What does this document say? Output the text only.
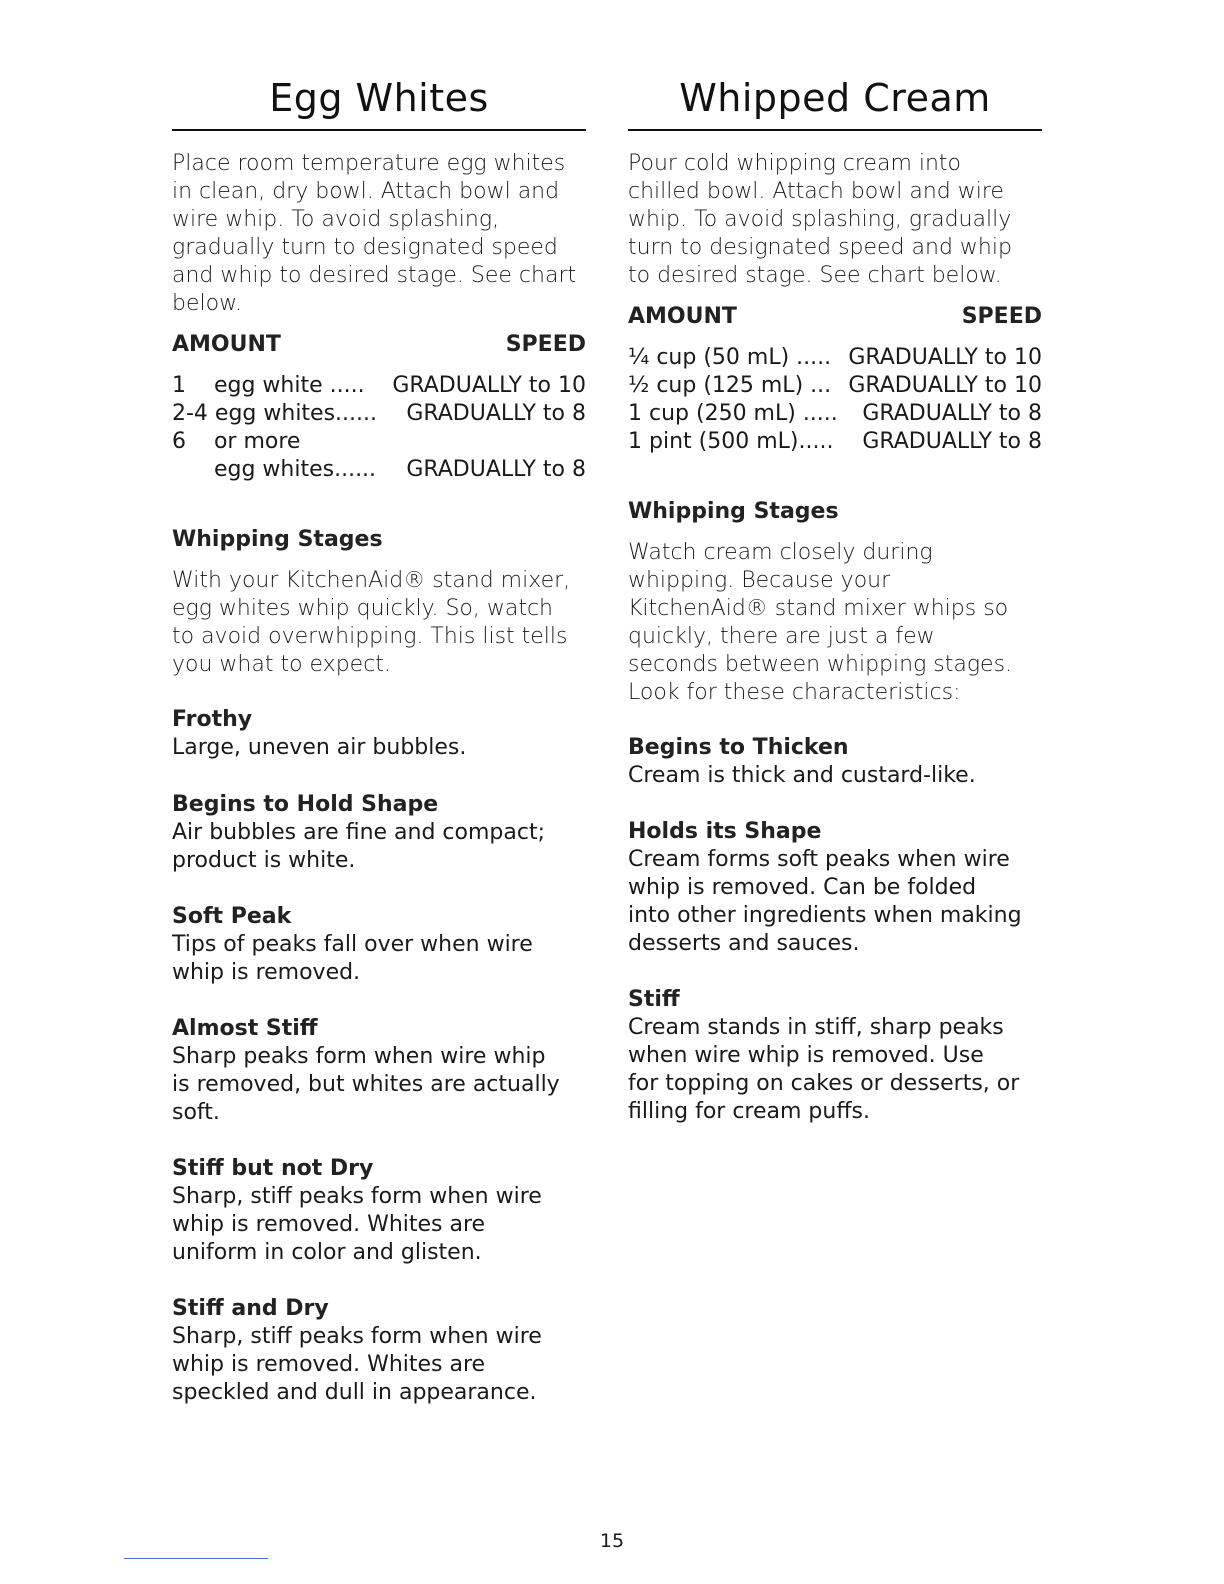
Egg Whites
Place room temperature egg whites
in clean, dry bowl. Attach bowl and
wire whip. To avoid splashing,
gradually turn to designated speed
and whip to desired stage. See chart
below.
AMOUNT	SPEED
1    egg white ..... GRADUALLY to 10
2-4 egg whites...... GRADUALLY to 8
6    or more
egg whites...... GRADUALLY to 8
Whipping Stages
With your KitchenAid® stand mixer,
egg whites whip quickly. So, watch
to avoid overwhipping. This list tells
you what to expect.
Frothy
Large, uneven air bubbles.
Begins to Hold Shape
Air bubbles are fine and compact;
product is white.
Soft Peak
Tips of peaks fall over when wire
whip is removed.
Almost Stiff
Sharp peaks form when wire whip
is removed, but whites are actually
soft.
Stiff but not Dry
Sharp, stiff peaks form when wire
whip is removed. Whites are
uniform in color and glisten.
Stiff and Dry
Sharp, stiff peaks form when wire
whip is removed. Whites are
speckled and dull in appearance.
Whipped Cream
Pour cold whipping cream into
chilled bowl. Attach bowl and wire
whip. To avoid splashing, gradually
turn to designated speed and whip
to desired stage. See chart below.
AMOUNT	SPEED
¼ cup (50 mL) ..... GRADUALLY to 10
½ cup (125 mL) ... GRADUALLY to 10
1 cup (250 mL) ..... GRADUALLY to 8
1 pint (500 mL)..... GRADUALLY to 8
Whipping Stages
Watch cream closely during
whipping. Because your
KitchenAid® stand mixer whips so
quickly, there are just a few
seconds between whipping stages.
Look for these characteristics:
Begins to Thicken
Cream is thick and custard-like.
Holds its Shape
Cream forms soft peaks when wire
whip is removed. Can be folded
into other ingredients when making
desserts and sauces.
Stiff
Cream stands in stiff, sharp peaks
when wire whip is removed. Use
for topping on cakes or desserts, or
filling for cream puffs.
15
